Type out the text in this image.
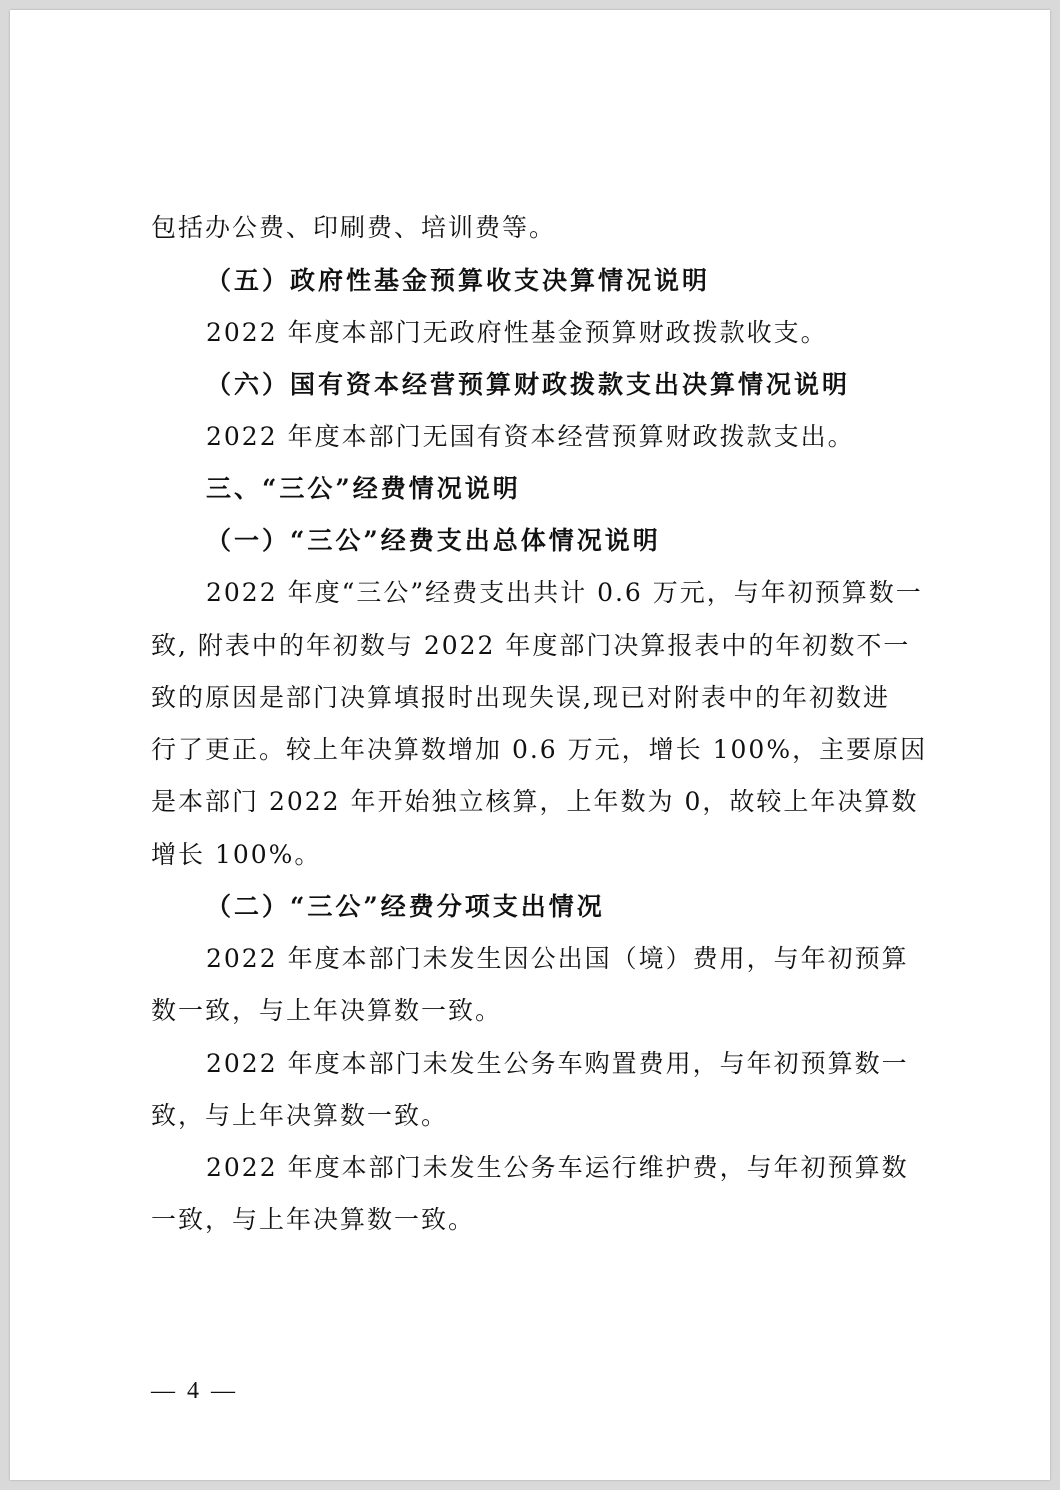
包括办公费、印刷费、培训费等。
（五）政府性基金预算收支决算情况说明
2022 年度本部门无政府性基金预算财政拨款收支。
（六）国有资本经营预算财政拨款支出决算情况说明
2022 年度本部门无国有资本经营预算财政拨款支出。
三、“三公”经费情况说明
（一）“三公”经费支出总体情况说明
2022 年度“三公”经费支出共计 0.6 万元，与年初预算数一
致, 附表中的年初数与 2022 年度部门决算报表中的年初数不一
致的原因是部门决算填报时出现失误,现已对附表中的年初数进
行了更正。较上年决算数增加 0.6 万元，增长 100%，主要原因
是本部门 2022 年开始独立核算，上年数为 0，故较上年决算数
增长 100%。
（二）“三公”经费分项支出情况
2022 年度本部门未发生因公出国（境）费用，与年初预算
数一致，与上年决算数一致。
2022 年度本部门未发生公务车购置费用，与年初预算数一
致，与上年决算数一致。
2022 年度本部门未发生公务车运行维护费，与年初预算数
一致，与上年决算数一致。
— 4 —
